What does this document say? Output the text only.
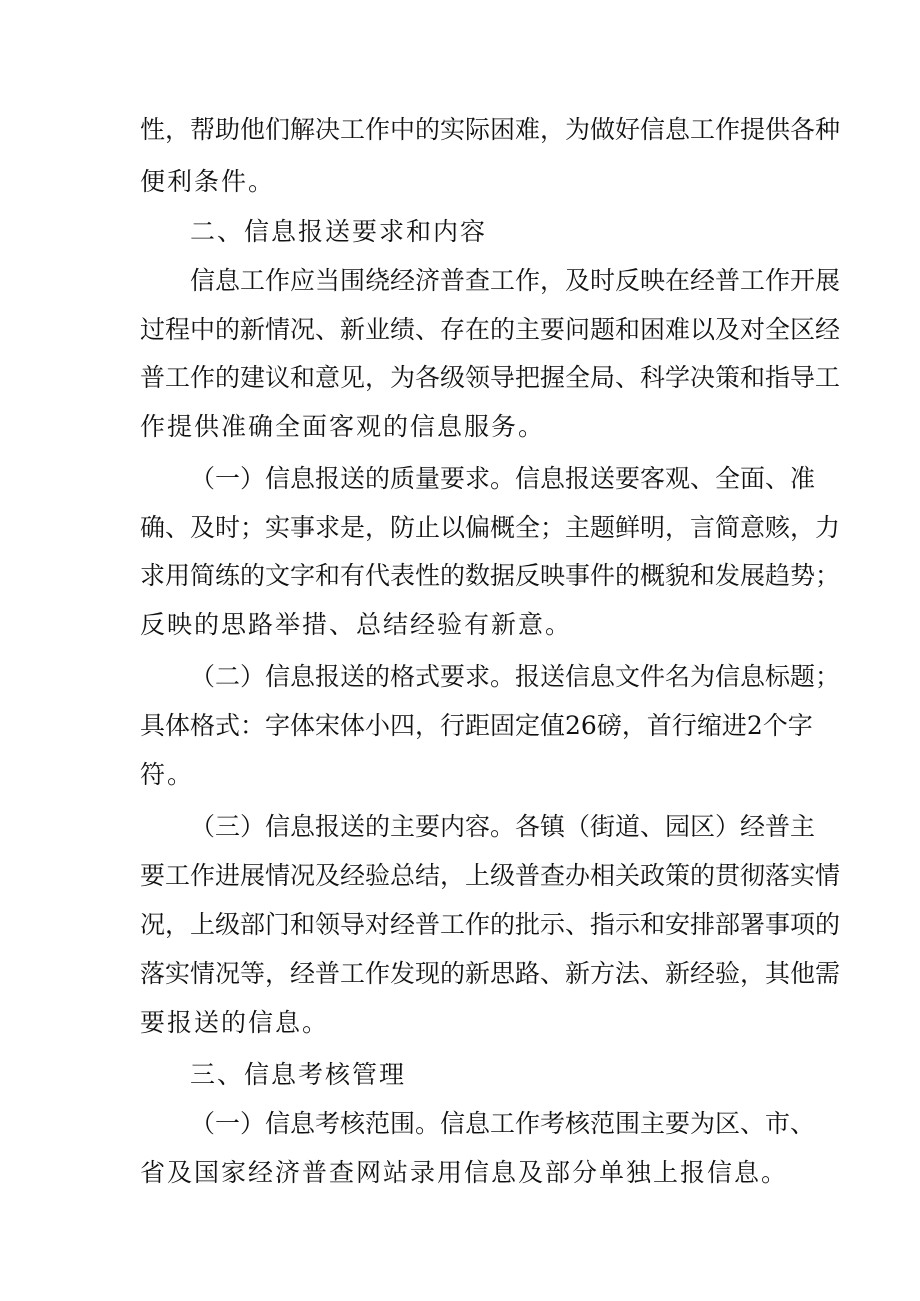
性，帮助他们解决工作中的实际困难，为做好信息工作提供各种
便利条件。
二、信息报送要求和内容
信息工作应当围绕经济普查工作，及时反映在经普工作开展
过程中的新情况、新业绩、存在的主要问题和困难以及对全区经
普工作的建议和意见，为各级领导把握全局、科学决策和指导工
作提供准确全面客观的信息服务。
（一）信息报送的质量要求。信息报送要客观、全面、准
确、及时；实事求是，防止以偏概全；主题鲜明，言简意赅，力
求用简练的文字和有代表性的数据反映事件的概貌和发展趋势；
反映的思路举措、总结经验有新意。
（二）信息报送的格式要求。报送信息文件名为信息标题；
具体格式：字体宋体小四，行距固定值26磅，首行缩进2个字
符。
（三）信息报送的主要内容。各镇（街道、园区）经普主
要工作进展情况及经验总结，上级普查办相关政策的贯彻落实情
况，上级部门和领导对经普工作的批示、指示和安排部署事项的
落实情况等，经普工作发现的新思路、新方法、新经验，其他需
要报送的信息。
三、信息考核管理
（一）信息考核范围。信息工作考核范围主要为区、市、
省及国家经济普查网站录用信息及部分单独上报信息。
